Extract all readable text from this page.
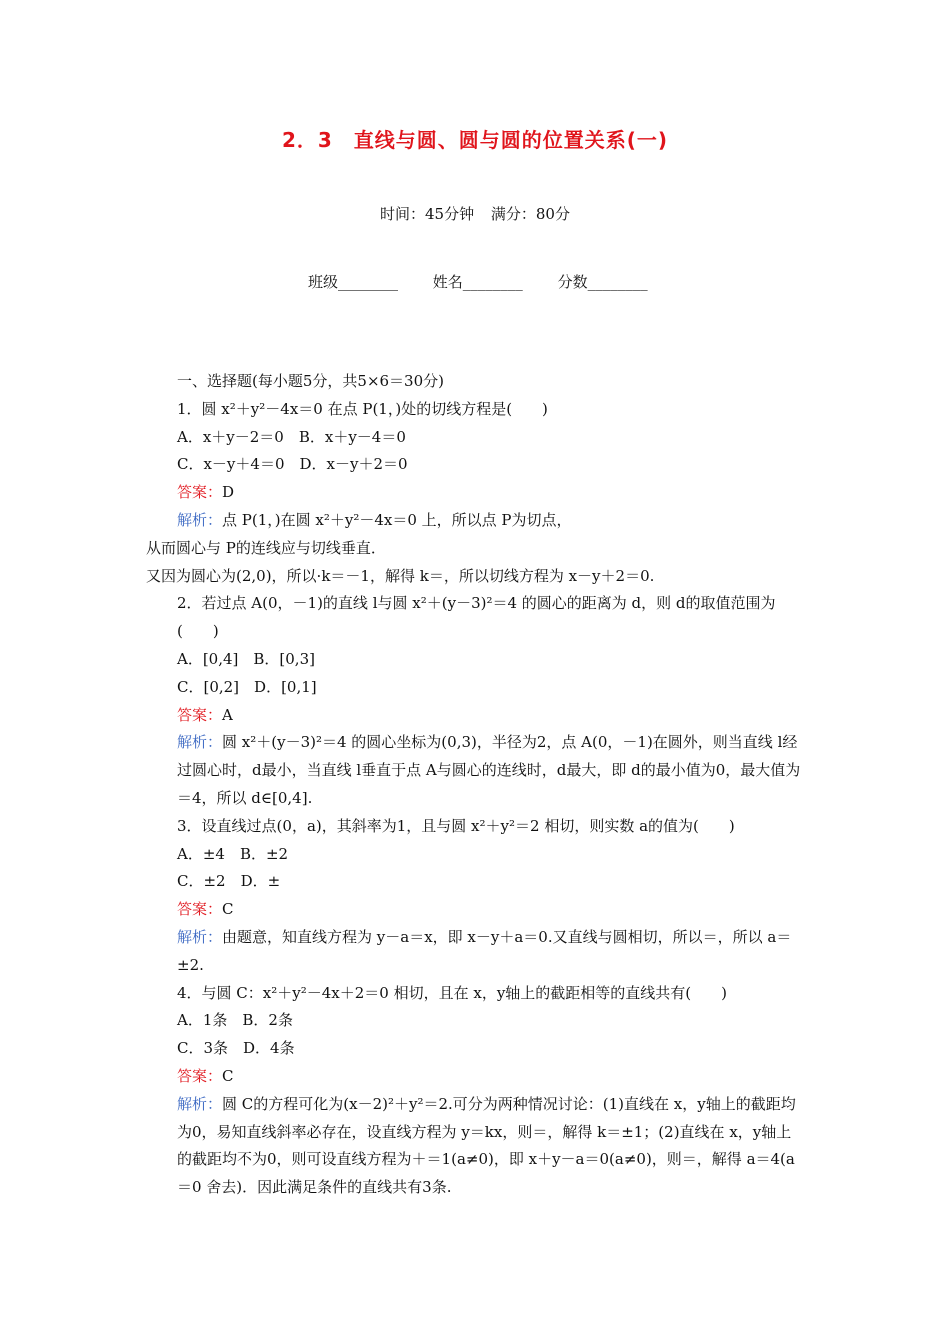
2．3　直线与圆、圆与圆的位置关系(一)
时间：45分钟 满分：80分
班级________ 姓名________ 分数________
一、选择题(每小题5分，共5×6＝30分)
1．圆 x²＋y²－4x＝0 在点 P(1，)处的切线方程是(　　)
A．x＋y－2＝0　B．x＋y－4＝0
C．x－y＋4＝0　D．x－y＋2＝0
答案：D
解析：点 P(1，)在圆 x²＋y²－4x＝0 上，所以点 P为切点，
从而圆心与 P的连线应与切线垂直．
又因为圆心为(2,0)，所以·k＝－1，解得 k＝，所以切线方程为 x－y＋2＝0.
2．若过点 A(0，－1)的直线 l与圆 x²＋(y－3)²＝4 的圆心的距离为 d，则 d的取值范围为(　　)
A．[0,4]　B．[0,3]
C．[0,2]　D．[0,1]
答案：A
解析：圆 x²＋(y－3)²＝4 的圆心坐标为(0,3)，半径为2，点 A(0，－1)在圆外，则当直线 l经过圆心时，d最小，当直线 l垂直于点 A与圆心的连线时，d最大，即 d的最小值为0，最大值为＝4，所以 d∈[0,4].
3．设直线过点(0，a)，其斜率为1，且与圆 x²＋y²＝2 相切，则实数 a的值为(　　)
A．±4　B．±2
C．±2　D．±
答案：C
解析：由题意，知直线方程为 y－a＝x，即 x－y＋a＝0.又直线与圆相切，所以＝，所以 a＝±2.
4．与圆 C：x²＋y²－4x＋2＝0 相切，且在 x，y轴上的截距相等的直线共有(　　)
A．1条　B．2条
C．3条　D．4条
答案：C
解析：圆 C的方程可化为(x－2)²＋y²＝2.可分为两种情况讨论：(1)直线在 x，y轴上的截距均为0，易知直线斜率必存在，设直线方程为 y＝kx，则＝，解得 k＝±1；(2)直线在 x，y轴上的截距均不为0，则可设直线方程为＋＝1(a≠0)，即 x＋y－a＝0(a≠0)，则＝，解得 a＝4(a＝0 舍去)．因此满足条件的直线共有3条.
